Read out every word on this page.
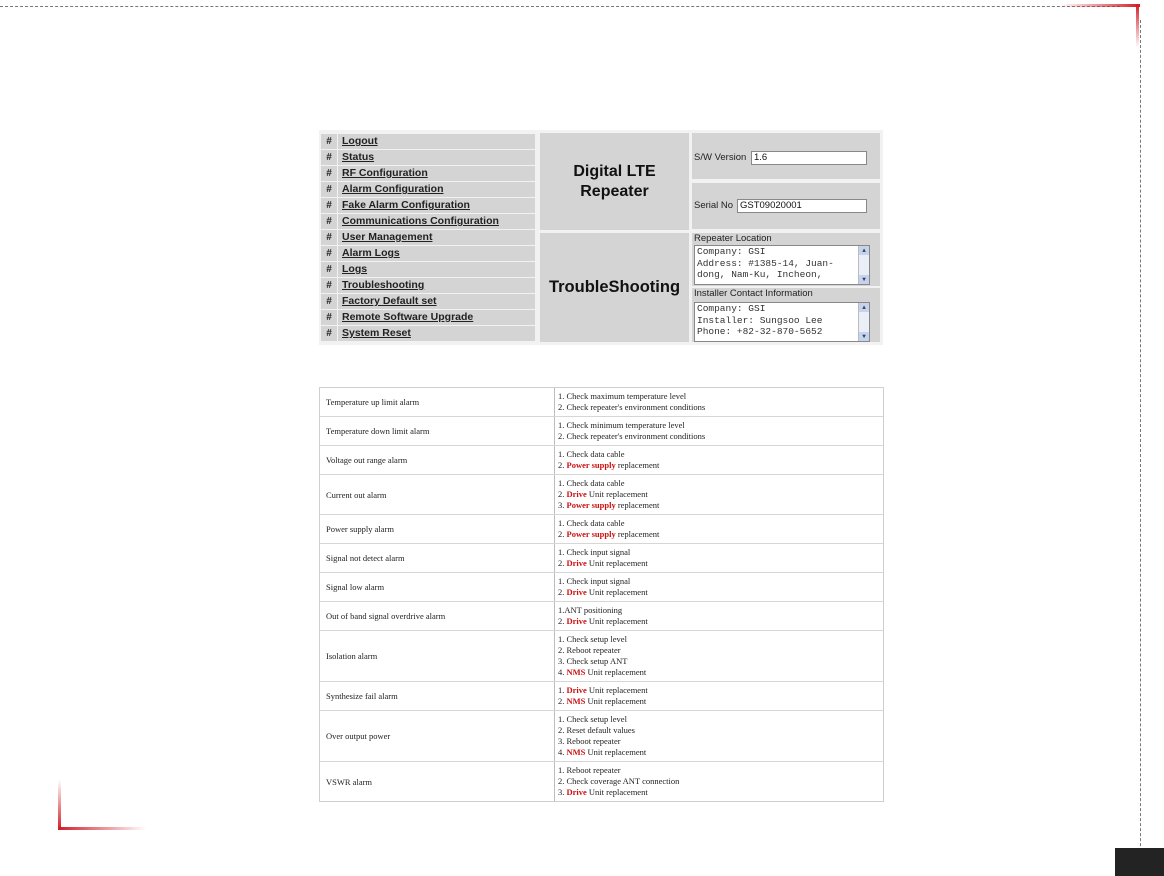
# Logout
# Status
# RF Configuration
# Alarm Configuration
# Fake Alarm Configuration
# Communications Configuration
# User Management
# Alarm Logs
# Logs
# Troubleshooting
# Factory Default set
# Remote Software Upgrade
# System Reset
Digital LTE
Repeater
TroubleShooting
S/W Version 1.6
Serial No GST09020001
Repeater Location
Company: GSI
Address: #1385-14, Juan-
dong, Nam-Ku, Incheon,
▲
▼
Installer Contact Information
Company: GSI
Installer: Sungsoo Lee
Phone: +82-32-870-5652
▲
▼
Temperature up limit alarm
1. Check maximum temperature level
2. Check repeater's environment conditions
Temperature down limit alarm
1. Check minimum temperature level
2. Check repeater's environment conditions
Voltage out range alarm
1. Check data cable
2. Power supply replacement
Current out alarm
1. Check data cable
2. Drive Unit replacement
3. Power supply replacement
Power supply alarm
1. Check data cable
2. Power supply replacement
Signal not detect alarm
1. Check input signal
2. Drive Unit replacement
Signal low alarm
1. Check input signal
2. Drive Unit replacement
Out of band signal overdrive alarm
1.ANT positioning
2. Drive Unit replacement
Isolation alarm
1. Check setup level
2. Reboot repeater
3. Check setup ANT
4. NMS Unit replacement
Synthesize fail alarm
1. Drive Unit replacement
2. NMS Unit replacement
Over output power
1. Check setup level
2. Reset default values
3. Reboot repeater
4. NMS Unit replacement
VSWR alarm
1. Reboot repeater
2. Check coverage ANT connection
3. Drive Unit replacement
